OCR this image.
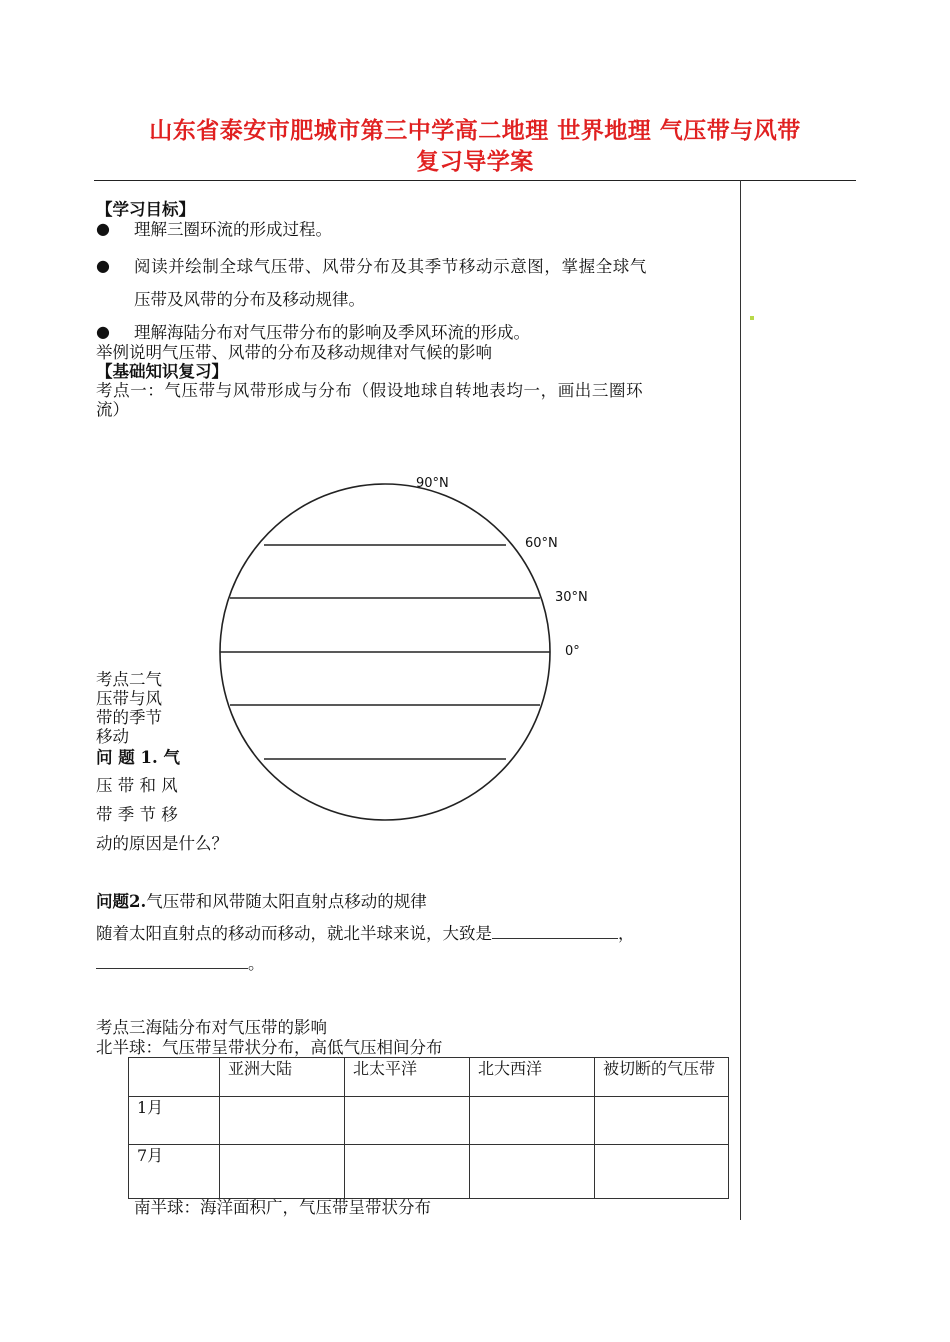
山东省泰安市肥城市第三中学高二地理 世界地理 气压带与风带
复习导学案
【学习目标】
● 理解三圈环流的形成过程。
● 阅读并绘制全球气压带、风带分布及其季节移动示意图，掌握全球气
压带及风带的分布及移动规律。
● 理解海陆分布对气压带分布的影响及季风环流的形成。
举例说明气压带、风带的分布及移动规律对气候的影响
【基础知识复习】
考点一：气压带与风带形成与分布（假设地球自转地表均一，画出三圈环
流）
90°N
60°N
30°N
0°
考点二气
压带与风
带的季节
移动
问 题 1. 气
压 带 和 风
带 季 节 移
动的原因是什么？
问题2.气压带和风带随太阳直射点移动的规律
随着太阳直射点的移动而移动，就北半球来说，大致是	，
。
考点三海陆分布对气压带的影响
北半球：气压带呈带状分布，高低气压相间分布
	亚洲大陆	北太平洋	北大西洋	被切断的气压带
1月				
7月				
南半球：海洋面积广，气压带呈带状分布
